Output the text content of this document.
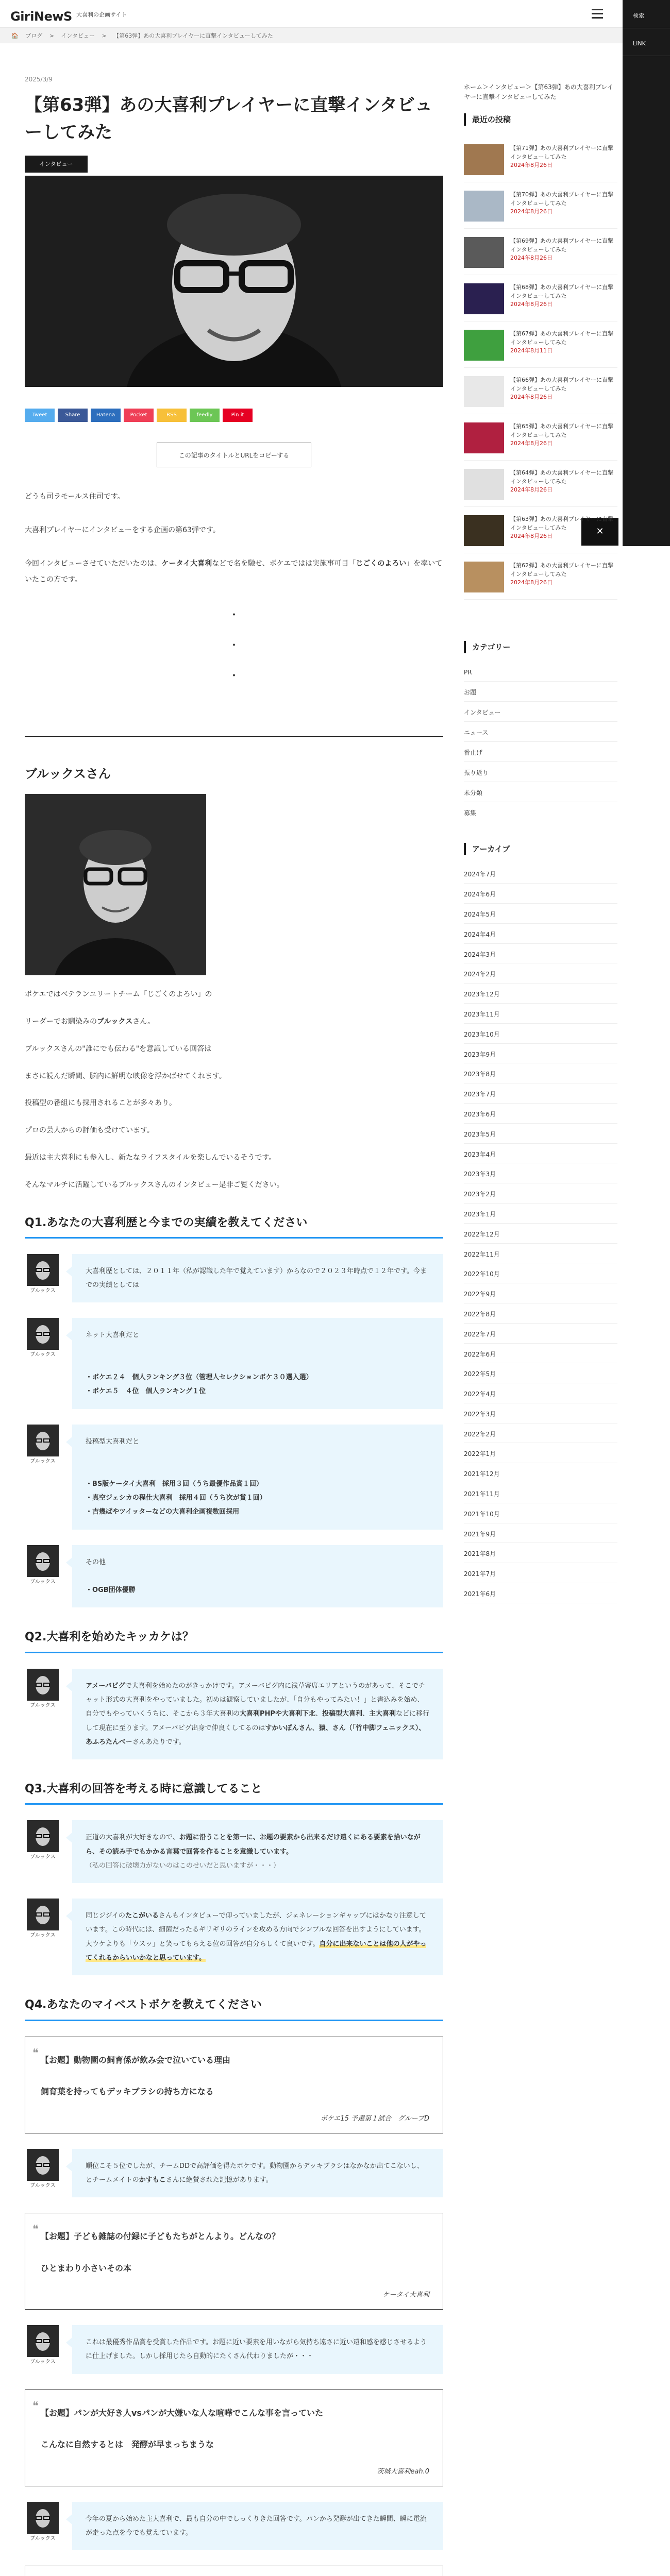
GiriNewS 大喜利の企画サイト	検索
LINK
✕
🏠 ブログ > インタビュー > 【第63弾】あの大喜利プレイヤーに直撃インタビューしてみた
2025/3/9
【第63弾】あの大喜利プレイヤーに直撃インタビューしてみた
インタビュー
Tweet	Share	Hatena	Pocket	RSS	feedly	Pin it
この記事のタイトルとURLをコピーする

どうも司ラモールス住司です。

大喜利プレイヤーにインタビューをする企画の第63弾です。

今回インタビューさせていただいたのは、ケータイ大喜利などで名を馳せ、ボケエではは実施事可目「じごくのよろい」を率いていたこの方です。

・
・
・
ブルックスさん

ボケエではベテランユリートチーム「じごくのよろい」の

リーダーでお馴染みのブルックスさん。

ブルックスさんの"誰にでも伝わる"を意識している回答は

まさに読んだ瞬間、脳内に鮮明な映像を浮かばせてくれます。

投稿型の番組にも採用されることが多々あり。

プロの芸人からの評価も受けています。

最近は主大喜利にも参入し、新たなライフスタイルを楽しんでいるそうです。

そんなマルチに活躍しているブルックスさんのインタビュー是非ご覧ください。

Q1.あなたの大喜利歴と今までの実績を教えてください
ブルックス
大喜利歴としては、２０１１年（私が認識した年で覚えています）からなので２０２３年時点で１２年です。今までの実績としては
ブルックス
ネット大喜利だと

・ ボケエ２４　個人ランキング３位（管理人セレクションボケ３０選入選）
・ ボケエ５　４位　個人ランキング１位
ブルックス
投稿型大喜利だと

・ BS版ケータイ大喜利　採用３回（うち最優作品賞１回）
・ 真空ジェシカの程仕大喜利　採用４回（うち次が賞１回）
・ 吉幾ぱやツイッターなどの大喜利企画複数回採用
ブルックス
その他

・ OGB団体優勝
Q2.大喜利を始めたキッカケは？
ブルックス
アメーバピグで大喜利を始めたのがきっかけです。アメーバピグ内に浅草寄席エリアというのがあって、そこでチャット形式の大喜利をやっていました。初めは観察していましたが、「自分もやってみたい！」と書込みを始め、自分でもやっていくうちに、そこから３年大喜利の大喜利PHPや大喜利下北、投稿型大喜利、主大喜利などに移行して現在に至ります。アメーバピグ出身で仲良くしてるのはすかいぼんさん、猿、さん（「竹中脚フェニックス）、あふろたんべーさんあたりです。
Q3.大喜利の回答を考える時に意識してること
ブルックス
正道の大喜利が大好きなので、お題に沿うことを第一に、お題の要素から出来るだけ遠くにある要素を拾いながら、その読み手でもかかる言葉で回答を作ることを意識しています。
（私の回答に破壊力がないのはこのせいだと思いますが・・・）
ブルックス
同じジジイのたこがいるさんもインタビューで仰っていましたが、ジェネレーションギャップにはかなり注意しています。この時代には、細菌だったるギリギリのラインを攻める方向でシンプルな回答を出すようにしています。大ウケよりも「ウスッ」と笑ってもらえる位の回答が自分らしくて良いです。自分に出来ないことは他の人がやってくれるからいいかなと思っています。
Q4.あなたのマイベストボケを教えてください
❝
【お題】動物園の飼育係が飲み会で泣いている理由
飼育葉を持ってもデッキブラシの持ち方になる
ボケエ15 予選第１試合　グループD
ブルックス
順位こそ５位でしたが、チームDDで高評価を得たボケです。動物園からデッキブラシはなかなか出てこないし、とチームメイトのかすもこさんに絶賛された記憶があります。
❝
【お題】子ども雑誌の付録に子どもたちがとんより。どんなの？
ひとまわり小さいその本
ケータイ大喜利
ブルックス
これは最優秀作品賞を受賞した作品です。お題に近い要素を用いながら気持ち遠さに近い遠和感を感じさせるように仕上げました。しかし採用じたら自動的にたくさん代わりましたが・・・
❝
【お題】パンが大好き人vsパンが大嫌いな人な喧嘩でこんな事を言っていた
こんなに自然するとは　発酵が早まっちまうな
茨城大喜利eah.0
ブルックス
今年の夏から始めた主大喜利で、最も自分の中でしっくりきた回答です。パンから発酵が出てきた瞬間、瞬に電流が走った点を今でも覚えています。
ホーム＞インタビュー＞【第63弾】あの大喜利プレイヤーに直撃インタビューしてみた
最近の投稿
【第71弾】あの大喜利プレイヤーに直撃インタビューしてみた
2024年8月26日
【第70弾】あの大喜利プレイヤーに直撃インタビューしてみた
2024年8月26日
【第69弾】あの大喜利プレイヤーに直撃インタビューしてみた
2024年8月26日
【第68弾】あの大喜利プレイヤーに直撃インタビューしてみた
2024年8月26日
【第67弾】あの大喜利プレイヤーに直撃インタビューしてみた
2024年8月11日
【第66弾】あの大喜利プレイヤーに直撃インタビューしてみた
2024年8月26日
【第65弾】あの大喜利プレイヤーに直撃インタビューしてみた
2024年8月26日
【第64弾】あの大喜利プレイヤーに直撃インタビューしてみた
2024年8月26日
【第63弾】あの大喜利プレイヤーに直撃インタビューしてみた
2024年8月26日
【第62弾】あの大喜利プレイヤーに直撃インタビューしてみた
2024年8月26日
カテゴリー
PR
お題
インタビュー
ニュース
番止げ
振り返り
未分類
募集
アーカイブ
2024年7月
2024年6月
2024年5月
2024年4月
2024年3月
2024年2月
2023年12月
2023年11月
2023年10月
2023年9月
2023年8月
2023年7月
2023年6月
2023年5月
2023年4月
2023年3月
2023年2月
2023年1月
2022年12月
2022年11月
2022年10月
2022年9月
2022年8月
2022年7月
2022年6月
2022年5月
2022年4月
2022年3月
2022年2月
2022年1月
2021年12月
2021年11月
2021年10月
2021年9月
2021年8月
2021年7月
2021年6月
